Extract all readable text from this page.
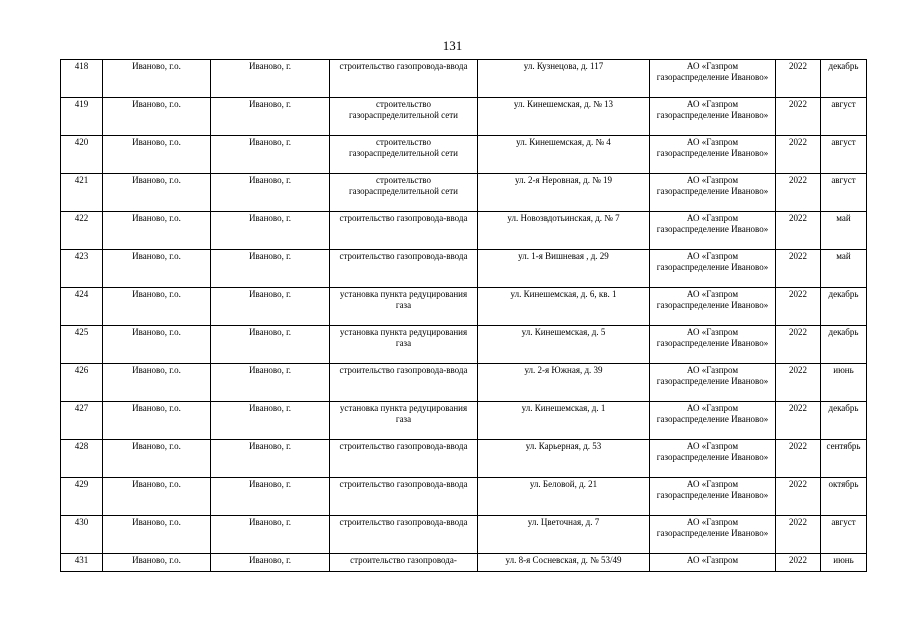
131
418	Иваново, г.о.	Иваново, г.	строительство газопровода-ввода	ул. Кузнецова, д. 117	АО «Газпром газораспределение Иваново»	2022	декабрь
419	Иваново, г.о.	Иваново, г.	строительство газораспределительной сети	ул. Кинешемская, д. № 13	АО «Газпром газораспределение Иваново»	2022	август
420	Иваново, г.о.	Иваново, г.	строительство газораспределительной сети	ул. Кинешемская, д. № 4	АО «Газпром газораспределение Иваново»	2022	август
421	Иваново, г.о.	Иваново, г.	строительство газораспределительной сети	ул. 2-я Неровная, д. № 19	АО «Газпром газораспределение Иваново»	2022	август
422	Иваново, г.о.	Иваново, г.	строительство газопровода-ввода	ул. Новозвдотьинская, д. № 7	АО «Газпром газораспределение Иваново»	2022	май
423	Иваново, г.о.	Иваново, г.	строительство газопровода-ввода	ул. 1-я Вишневая , д. 29	АО «Газпром газораспределение Иваново»	2022	май
424	Иваново, г.о.	Иваново, г.	установка пункта редуцирования газа	ул. Кинешемская, д. 6, кв. 1	АО «Газпром газораспределение Иваново»	2022	декабрь
425	Иваново, г.о.	Иваново, г.	установка пункта редуцирования газа	ул. Кинешемская, д. 5	АО «Газпром газораспределение Иваново»	2022	декабрь
426	Иваново, г.о.	Иваново, г.	строительство газопровода-ввода	ул. 2-я Южная, д. 39	АО «Газпром газораспределение Иваново»	2022	июнь
427	Иваново, г.о.	Иваново, г.	установка пункта редуцирования газа	ул. Кинешемская, д. 1	АО «Газпром газораспределение Иваново»	2022	декабрь
428	Иваново, г.о.	Иваново, г.	строительство газопровода-ввода	ул. Карьерная, д. 53	АО «Газпром газораспределение Иваново»	2022	сентябрь
429	Иваново, г.о.	Иваново, г.	строительство газопровода-ввода	ул. Беловой, д. 21	АО «Газпром газораспределение Иваново»	2022	октябрь
430	Иваново, г.о.	Иваново, г.	строительство газопровода-ввода	ул. Цветочная, д. 7	АО «Газпром газораспределение Иваново»	2022	август
431	Иваново, г.о.	Иваново, г.	строительство газопровода-	ул. 8-я Сосневская, д. № 53/49	АО «Газпром	2022	июнь
